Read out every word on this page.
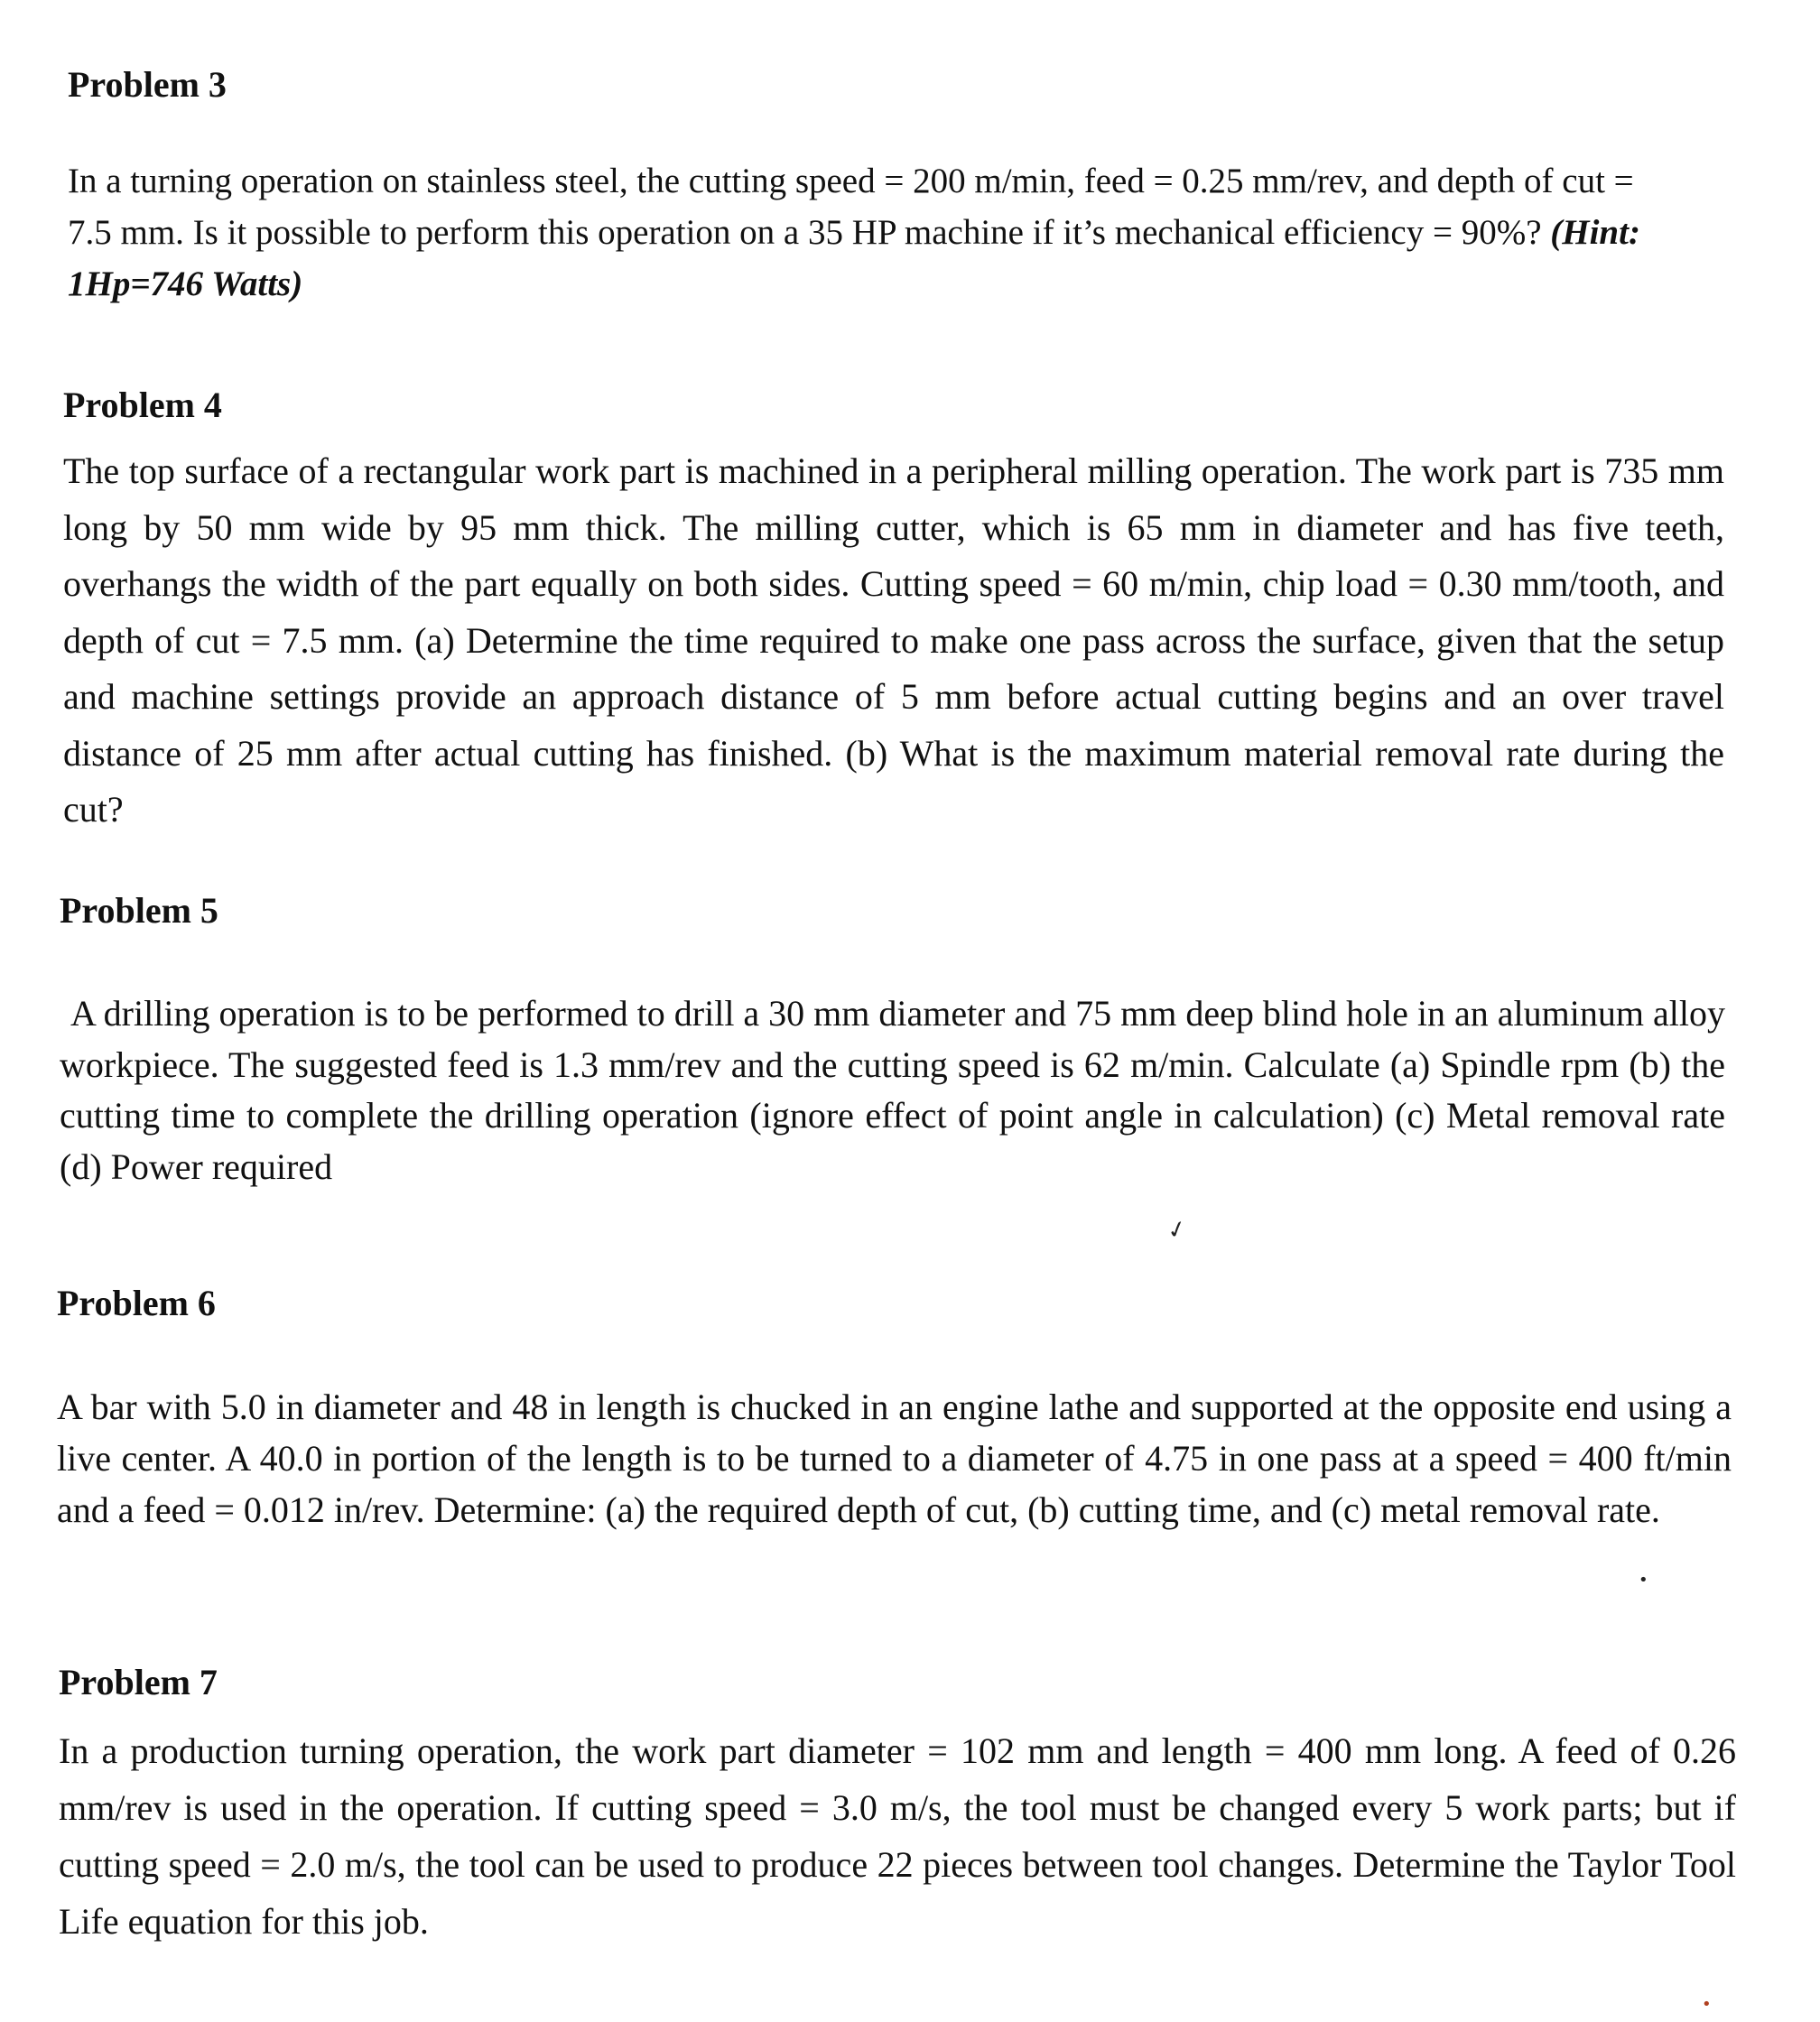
Problem 3

In a turning operation on stainless steel, the cutting speed = 200 m/min, feed = 0.25 mm/rev, and depth of cut = 7.5 mm. Is it possible to perform this operation on a 35 HP machine if it’s mechanical efficiency = 90%? (Hint: 1Hp=746 Watts)

Problem 4

The top surface of a rectangular work part is machined in a peripheral milling operation. The work part is 735 mm long by 50 mm wide by 95 mm thick. The milling cutter, which is 65 mm in diameter and has five teeth, overhangs the width of the part equally on both sides. Cutting speed = 60 m/min, chip load = 0.30 mm/tooth, and depth of cut = 7.5 mm. (a) Determine the time required to make one pass across the surface, given that the setup and machine settings provide an approach distance of 5 mm before actual cutting begins and an over travel distance of 25 mm after actual cutting has finished. (b) What is the maximum material removal rate during the cut?

Problem 5

A drilling operation is to be performed to drill a 30 mm diameter and 75 mm deep blind hole in an aluminum alloy workpiece. The suggested feed is 1.3 mm/rev and the cutting speed is 62 m/min. Calculate (a) Spindle rpm (b) the cutting time to complete the drilling operation (ignore effect of point angle in calculation) (c) Metal removal rate (d) Power required

✓
Problem 6

A bar with 5.0 in diameter and 48 in length is chucked in an engine lathe and supported at the opposite end using a live center. A 40.0 in portion of the length is to be turned to a diameter of 4.75 in one pass at a speed = 400 ft/min and a feed = 0.012 in/rev. Determine: (a) the required depth of cut, (b) cutting time, and (c) metal removal rate.

•
Problem 7

In a production turning operation, the work part diameter = 102 mm and length = 400 mm long. A feed of 0.26 mm/rev is used in the operation. If cutting speed = 3.0 m/s, the tool must be changed every 5 work parts; but if cutting speed = 2.0 m/s, the tool can be used to produce 22 pieces between tool changes. Determine the Taylor Tool Life equation for this job.

•
